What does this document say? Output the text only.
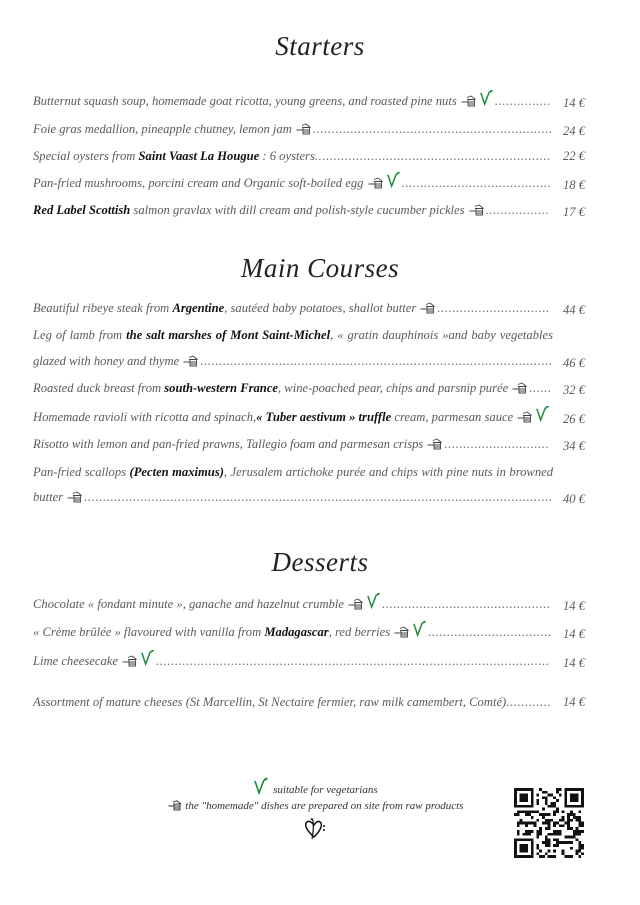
Starters
Butternut squash soup, homemade goat ricotta, young greens, and roasted pine nuts	............... 14 €
Foie gras medallion, pineapple chutney, lemon jam ................................................................ 24 €
Special oysters from Saint Vaast La Hougue : 6 oysters............................................................... 22 €
Pan-fried mushrooms, porcini cream and Organic soft-boiled egg	........................................ 18 €
Red Label Scottish salmon gravlax with dill cream and polish-style cucumber pickles .................	17 €
Main Courses
Beautiful ribeye steak from Argentine, sautéed baby potatoes, shallot butter ..............................	44 €
Leg of lamb from the salt marshes of Mont Saint-Michel, « gratin dauphinois »and baby vegetables glazed with honey and thyme .............................................................................................. 46 €
Roasted duck breast from south-western France, wine-poached pear, chips and parsnip purée ...... 32 €
Homemade ravioli with ricotta and spinach,« Tuber aestivum » truffle cream, parmesan sauce	26 €
Risotto with lemon and pan-fried prawns, Tallegio foam and parmesan crisps ............................	34 €
Pan-fried scallops (Pecten maximus), Jerusalem artichoke purée and chips with pine nuts in browned butter ............................................................................................................................. 40 €
Desserts
Chocolate « fondant minute », ganache and hazelnut crumble	............................................. 14 €
« Crème brûlée » flavoured with vanilla from Madagascar, red berries	................................. 14 €
Lime cheesecake	.........................................................................................................	14 €
Assortment of mature cheeses (St Marcellin, St Nectaire fermier, raw milk camembert, Comté)............ 14 €
suitable for vegetarians
the "homemade" dishes are prepared on site from raw products
